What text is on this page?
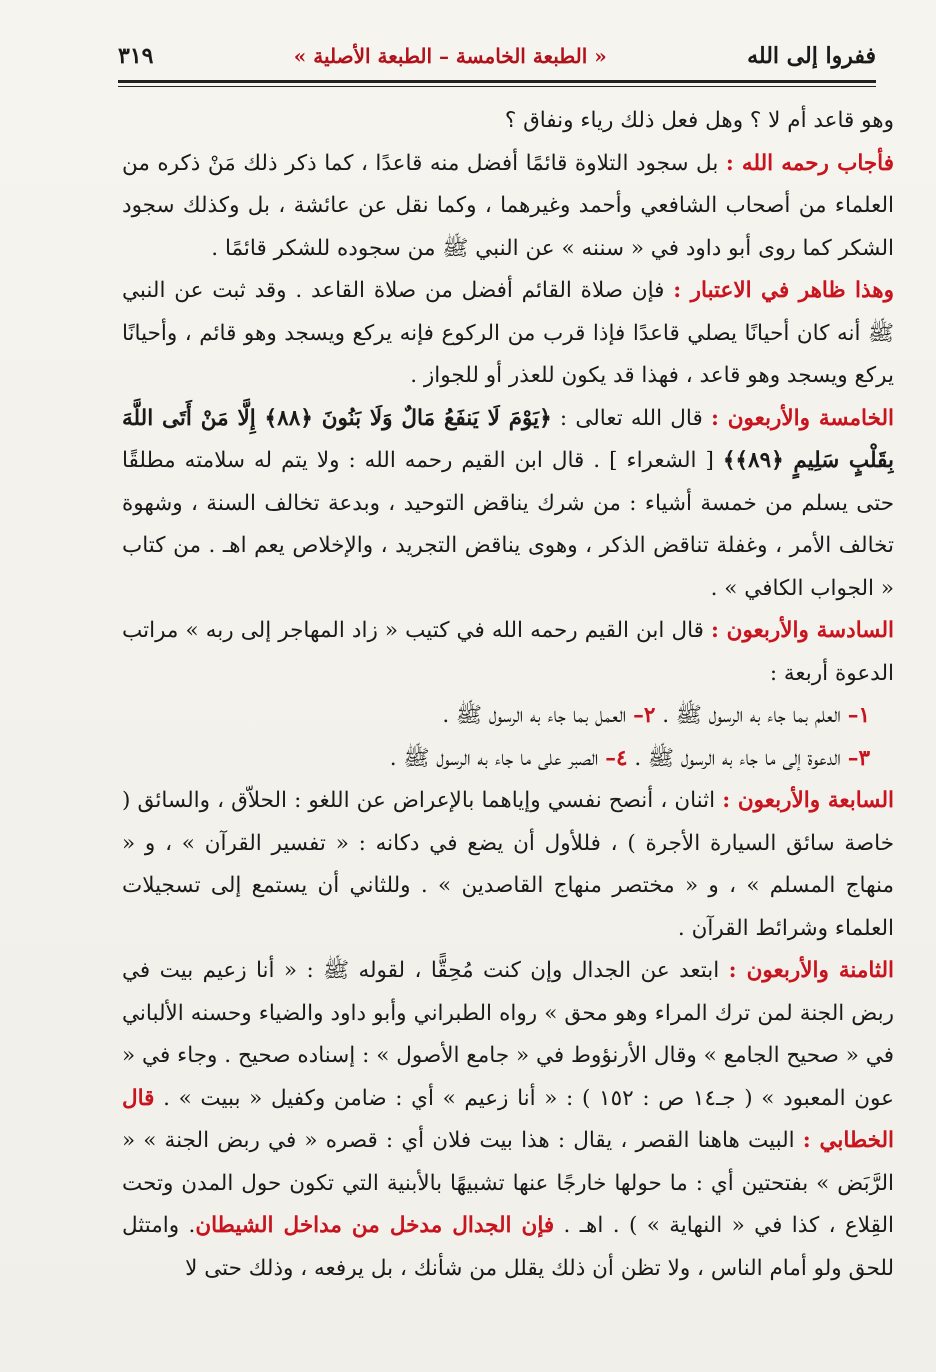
ففروا إلى الله
« الطبعة الخامسة – الطبعة الأصلية »
٣١٩

وهو قاعد أم لا ؟ وهل فعل ذلك رياء ونفاق ؟

فأجاب رحمه الله : بل سجود التلاوة قائمًا أفضل منه قاعدًا ، كما ذكر ذلك مَنْ ذكره من العلماء من أصحاب الشافعي وأحمد وغيرهما ، وكما نقل عن عائشة ، بل وكذلك سجود الشكر كما روى أبو داود في « سننه » عن النبي ﷺ من سجوده للشكر قائمًا .

وهذا ظاهر في الاعتبار : فإن صلاة القائم أفضل من صلاة القاعد . وقد ثبت عن النبي ﷺ أنه كان أحيانًا يصلي قاعدًا فإذا قرب من الركوع فإنه يركع ويسجد وهو قائم ، وأحيانًا يركع ويسجد وهو قاعد ، فهذا قد يكون للعذر أو للجواز .

الخامسة والأربعون : قال الله تعالى : ﴿يَوْمَ لَا يَنفَعُ مَالٌ وَلَا بَنُونَ ﴿٨٨﴾ إِلَّا مَنْ أَتَى اللَّهَ بِقَلْبٍ سَلِيمٍ ﴿٨٩﴾﴾ [ الشعراء ] . قال ابن القيم رحمه الله : ولا يتم له سلامته مطلقًا حتى يسلم من خمسة أشياء : من شرك يناقض التوحيد ، وبدعة تخالف السنة ، وشهوة تخالف الأمر ، وغفلة تناقض الذكر ، وهوى يناقض التجريد ، والإخلاص يعم اهـ . من كتاب « الجواب الكافي » .

السادسة والأربعون : قال ابن القيم رحمه الله في كتيب « زاد المهاجر إلى ربه » مراتب الدعوة أربعة :

١– العلم بما جاء به الرسول ﷺ . ٢– العمل بما جاء به الرسول ﷺ .

٣– الدعوة إلى ما جاء به الرسول ﷺ . ٤– الصبر على ما جاء به الرسول ﷺ .

السابعة والأربعون : اثنان ، أنصح نفسي وإياهما بالإعراض عن اللغو : الحلاّق ، والسائق ( خاصة سائق السيارة الأجرة ) ، فللأول أن يضع في دكانه : « تفسير القرآن » ، و « منهاج المسلم » ، و « مختصر منهاج القاصدين » . وللثاني أن يستمع إلى تسجيلات العلماء وشرائط القرآن .

الثامنة والأربعون : ابتعد عن الجدال وإن كنت مُحِقًّا ، لقوله ﷺ : « أنا زعيم بيت في ربض الجنة لمن ترك المراء وهو محق » رواه الطبراني وأبو داود والضياء وحسنه الألباني في « صحيح الجامع » وقال الأرنؤوط في « جامع الأصول » : إسناده صحيح . وجاء في « عون المعبود » ( جـ١٤ ص : ١٥٢ ) : « أنا زعيم » أي : ضامن وكفيل « ببيت » . قال الخطابي : البيت هاهنا القصر ، يقال : هذا بيت فلان أي : قصره « في ربض الجنة » « الرَّبَض » بفتحتين أي : ما حولها خارجًا عنها تشبيهًا بالأبنية التي تكون حول المدن وتحت القِلاع ، كذا في « النهاية » ) . اهـ . فإن الجدال مدخل من مداخل الشيطان. وامتثل للحق ولو أمام الناس ، ولا تظن أن ذلك يقلل من شأنك ، بل يرفعه ، وذلك حتى لا
